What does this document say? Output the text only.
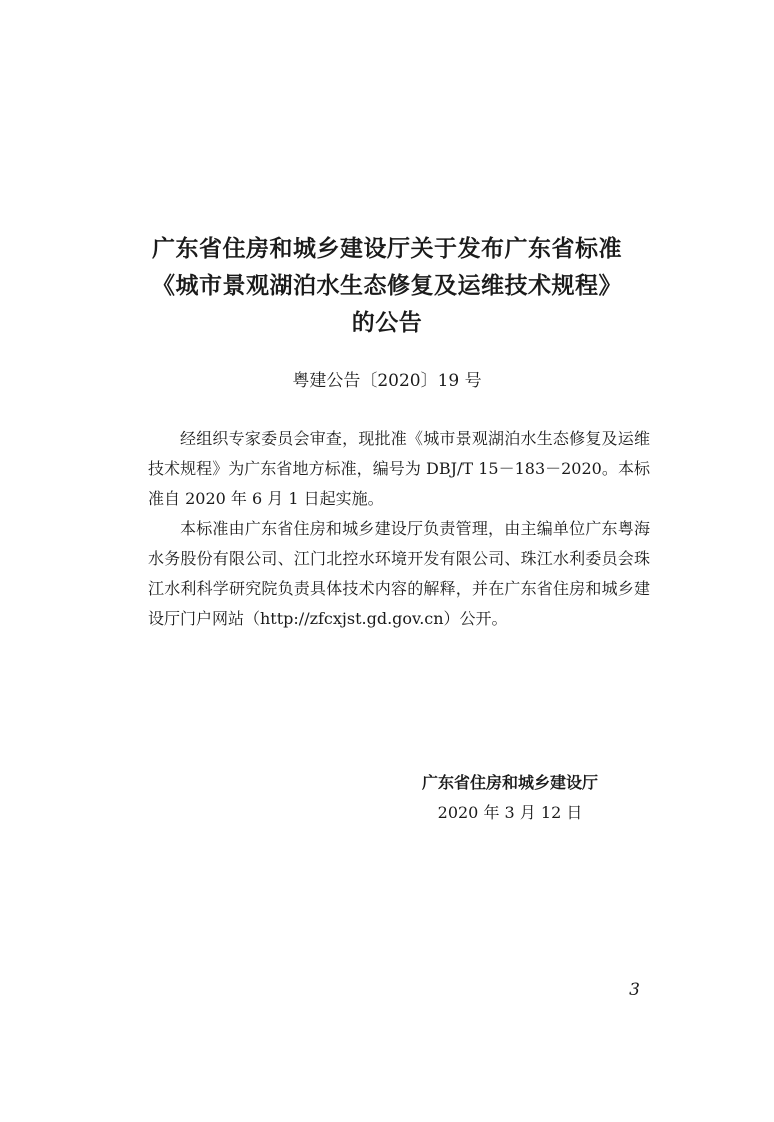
广东省住房和城乡建设厅关于发布广东省标准
《城市景观湖泊水生态修复及运维技术规程》
的公告
粤建公告〔2020〕19 号

经组织专家委员会审查，现批准《城市景观湖泊水生态修复及运维技术规程》为广东省地方标准，编号为 DBJ/T 15－183－2020。本标准自 2020 年 6 月 1 日起实施。

本标准由广东省住房和城乡建设厅负责管理，由主编单位广东粤海水务股份有限公司、江门北控水环境开发有限公司、珠江水利委员会珠江水利科学研究院负责具体技术内容的解释，并在广东省住房和城乡建设厅门户网站（http://zfcxjst.gd.gov.cn）公开。

广东省住房和城乡建设厅
2020 年 3 月 12 日
3
